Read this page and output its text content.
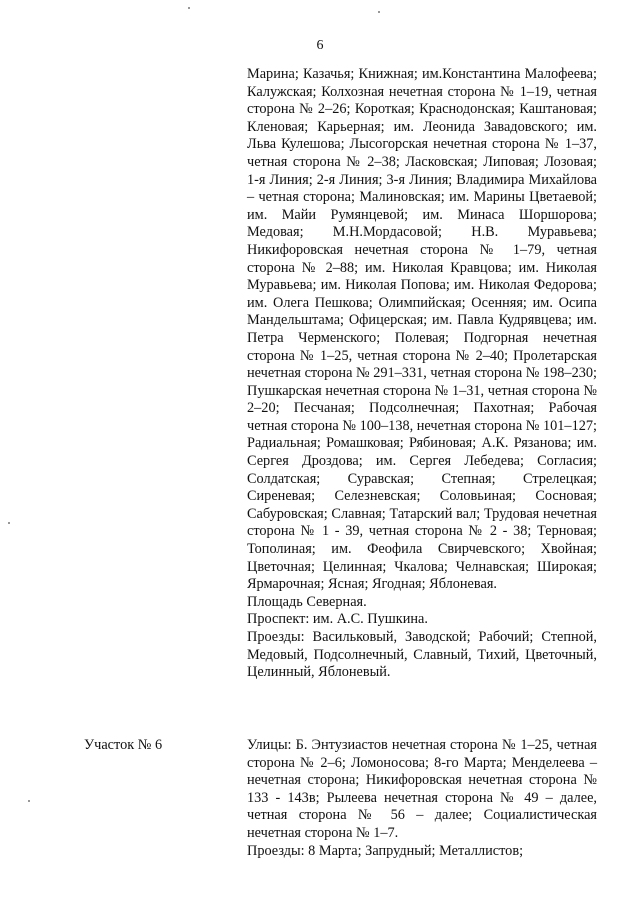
6

Марина; Казачья; Книжная; им.Константина Малофеева; Калужская; Колхозная нечетная сторона № 1–19, четная сторона № 2–26; Короткая; Краснодонская; Каштановая; Кленовая; Карьерная; им. Леонида Завадовского; им. Льва Кулешова; Лысогорская нечетная сторона № 1–37, четная сторона № 2–38; Ласковская; Липовая; Лозовая; 1-я Линия; 2-я Линия; 3-я Линия; Владимира Михайлова – четная сторона; Малиновская; им. Марины Цветаевой; им. Майи Румянцевой; им. Минаса Шоршорова; Медовая; М.Н.Мордасовой; Н.В. Муравьева; Никифоровская нечетная сторона № 1–79, четная сторона № 2–88; им. Николая Кравцова; им. Николая Муравьева; им. Николая Попова; им. Николая Федорова; им. Олега Пешкова; Олимпийская; Осенняя; им. Осипа Мандельштама; Офицерская; им. Павла Кудрявцева; им. Петра Черменского; Полевая; Подгорная нечетная сторона № 1–25, четная сторона № 2–40; Пролетарская нечетная сторона № 291–331, четная сторона № 198–230; Пушкарская нечетная сторона № 1–31, четная сторона № 2–20; Песчаная; Подсолнечная; Пахотная; Рабочая четная сторона № 100–138, нечетная сторона № 101–127; Радиальная; Ромашковая; Рябиновая; А.К. Рязанова; им. Сергея Дроздова; им. Сергея Лебедева; Согласия; Солдатская; Суравская; Степная; Стрелецкая; Сиреневая; Селезневская; Соловьиная; Сосновая; Сабуровская; Славная; Татарский вал; Трудовая нечетная сторона № 1 - 39, четная сторона № 2 - 38; Терновая; Тополиная; им. Феофила Свирчевского; Хвойная; Цветочная; Целинная; Чкалова; Челнавская; Широкая; Ярмарочная; Ясная; Ягодная; Яблоневая.

Площадь Северная.

Проспект: им. А.С. Пушкина.

Проезды: Васильковый, Заводской; Рабочий; Степной, Медовый, Подсолнечный, Славный, Тихий, Цветочный, Целинный, Яблоневый.

Участок № 6	Улицы: Б. Энтузиастов нечетная сторона № 1–25, четная сторона № 2–6; Ломоносова; 8-го Марта; Менделеева – нечетная сторона; Никифоровская нечетная сторона № 133 - 143в; Рылеева нечетная сторона № 49 – далее, четная сторона № 56 – далее; Социалистическая нечетная сторона № 1–7.

Проезды: 8 Марта; Запрудный; Металлистов;
